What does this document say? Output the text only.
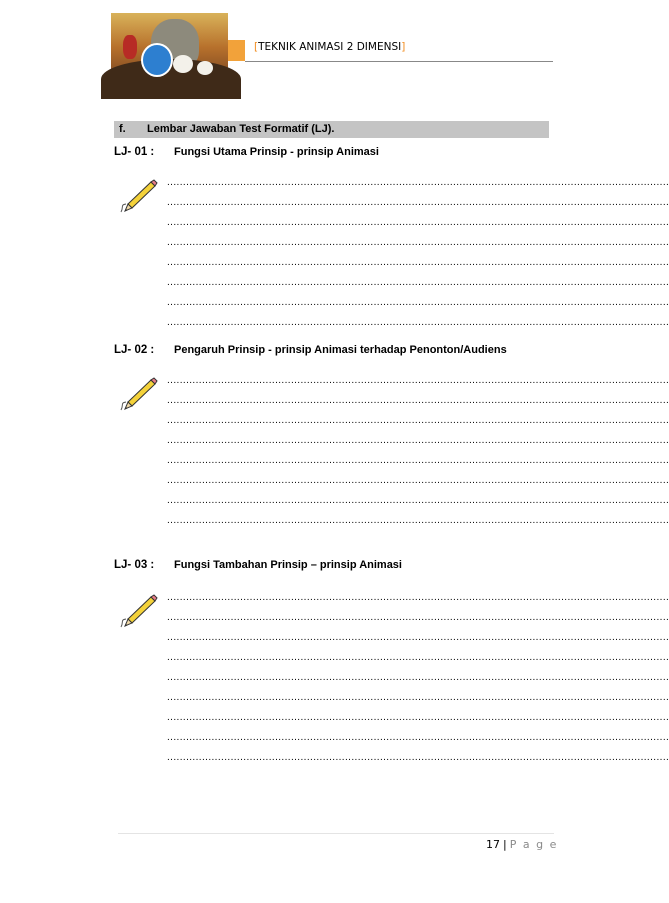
[TEKNIK ANIMASI 2 DIMENSI]
f. Lembar Jawaban Test Formatif (LJ).
LJ- 01 : Fungsi Utama Prinsip - prinsip Animasi
..............................................................................................................................................................
..............................................................................................................................................................
..............................................................................................................................................................
..............................................................................................................................................................
..............................................................................................................................................................
..............................................................................................................................................................
..............................................................................................................................................................
..............................................................................................................................................................
LJ- 02 : Pengaruh Prinsip - prinsip Animasi terhadap Penonton/Audiens
..............................................................................................................................................................
..............................................................................................................................................................
..............................................................................................................................................................
..............................................................................................................................................................
..............................................................................................................................................................
..............................................................................................................................................................
..............................................................................................................................................................
..............................................................................................................................................................
LJ- 03 : Fungsi Tambahan Prinsip – prinsip Animasi
..............................................................................................................................................................
..............................................................................................................................................................
..............................................................................................................................................................
..............................................................................................................................................................
..............................................................................................................................................................
..............................................................................................................................................................
..............................................................................................................................................................
..............................................................................................................................................................
..............................................................................................................................................................
17 | P a g e
